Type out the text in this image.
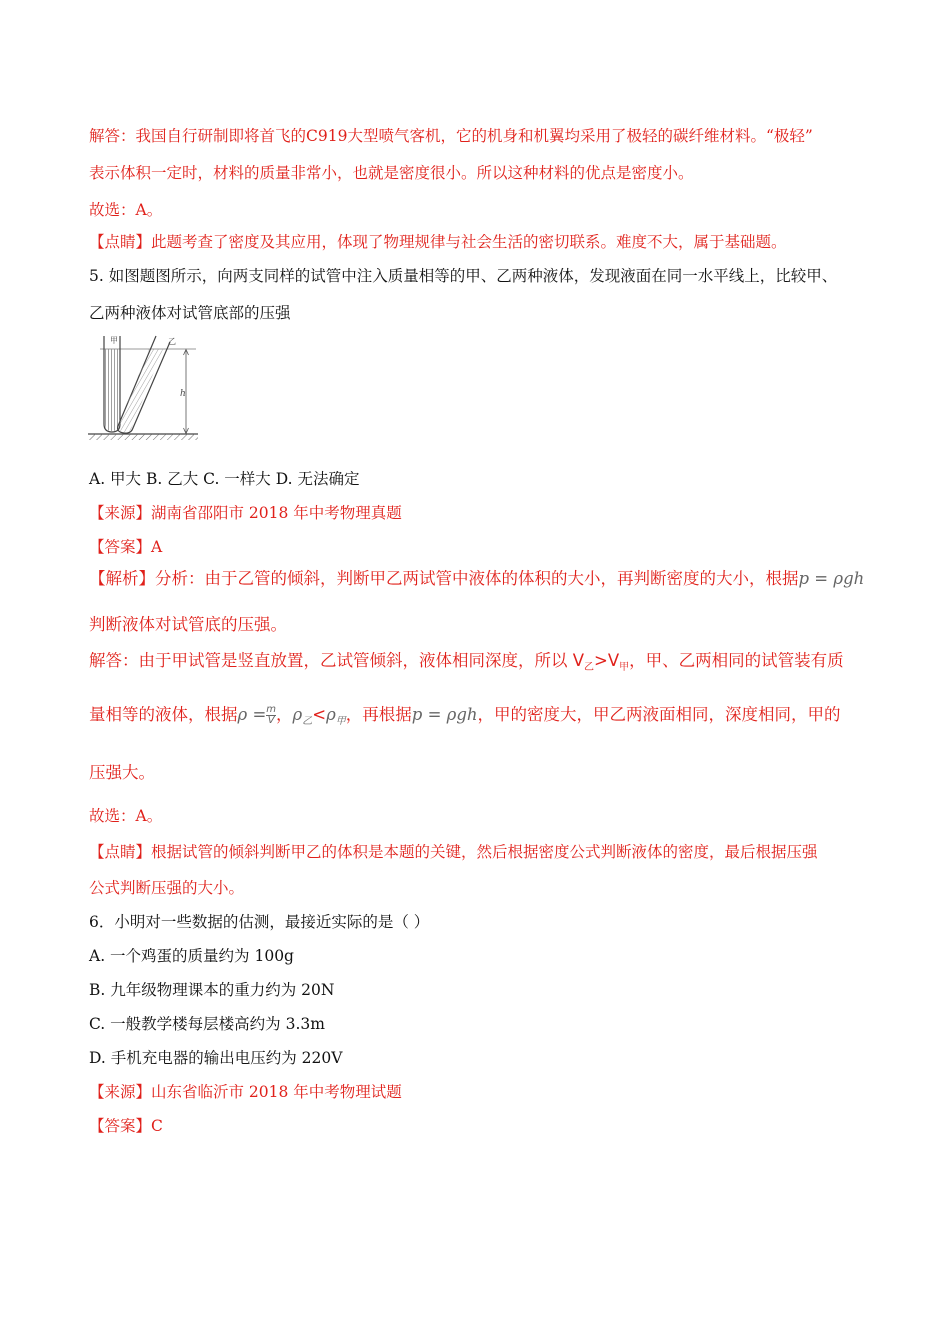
解答：我国自行研制即将首飞的C919大型喷气客机，它的机身和机翼均采用了极轻的碳纤维材料。“极轻”
表示体积一定时，材料的质量非常小，也就是密度很小。所以这种材料的优点是密度小。
故选：A。
【点睛】此题考查了密度及其应用，体现了物理规律与社会生活的密切联系。难度不大，属于基础题。
5. 如图题图所示，向两支同样的试管中注入质量相等的甲、乙两种液体，发现液面在同一水平线上，比较甲、
乙两种液体对试管底部的压强
甲	乙
h
A. 甲大 B. 乙大 C. 一样大 D. 无法确定
【来源】湖南省邵阳市 2018 年中考物理真题
【答案】A
【解析】分析：由于乙管的倾斜，判断甲乙两试管中液体的体积的大小，再判断密度的大小，根据p = ρgh
判断液体对试管底的压强。
解答：由于甲试管是竖直放置，乙试管倾斜，液体相同深度，所以 $V_乙>V_甲$，甲、乙两相同的试管装有质
量相等的液体，根据$\rho = \frac{m}{V}$ ，$\rho_乙<\rho_甲$，再根据p = ρgh，甲的密度大，甲乙两液面相同，深度相同，甲的
压强大。
故选：A。
【点睛】根据试管的倾斜判断甲乙的体积是本题的关键，然后根据密度公式判断液体的密度，最后根据压强
公式判断压强的大小。
6．小明对一些数据的估测，最接近实际的是（ ）
A. 一个鸡蛋的质量约为 100g
B. 九年级物理课本的重力约为 20N
C. 一般教学楼每层楼高约为 3.3m
D. 手机充电器的输出电压约为 220V
【来源】山东省临沂市 2018 年中考物理试题
【答案】C
